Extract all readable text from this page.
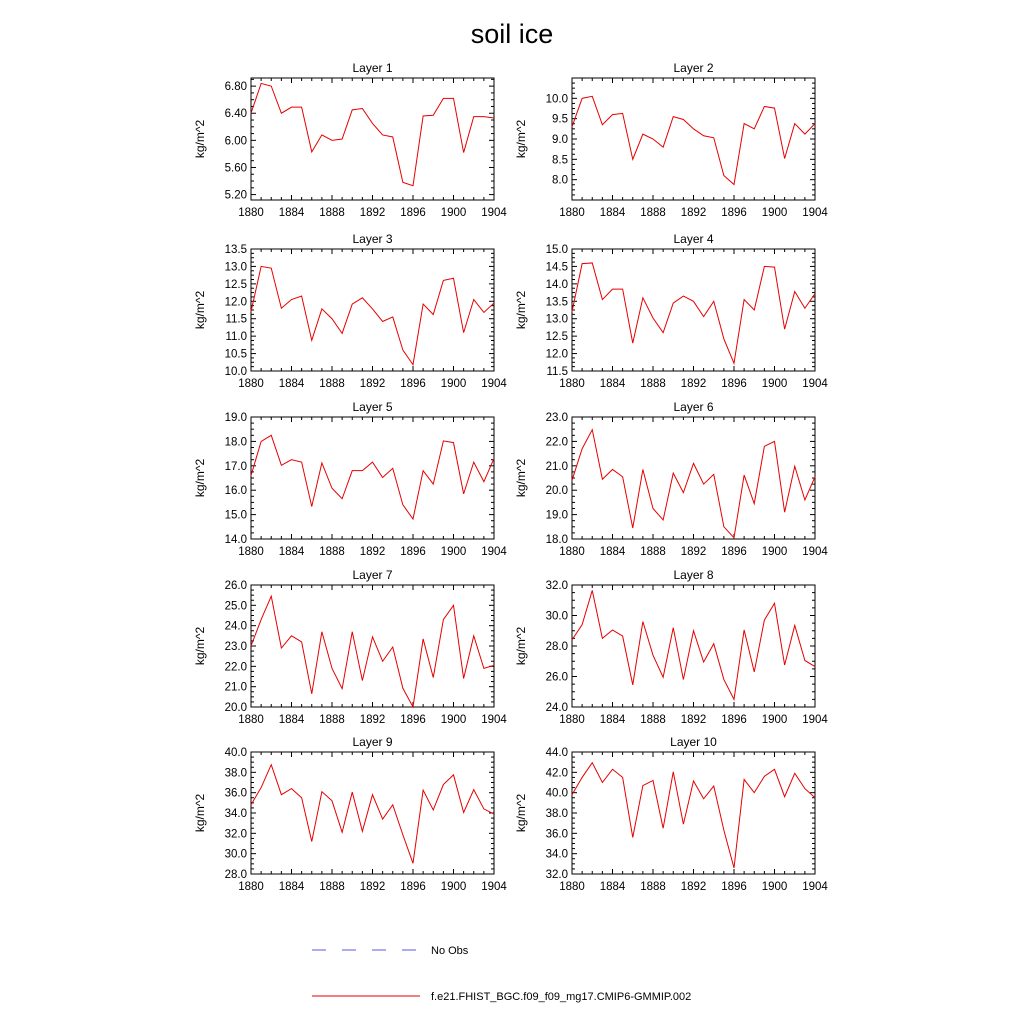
soil ice
Layer 1
kg/m^2
1880 1884 1888 1892 1896 1900 1904
5.20
5.60
6.00
6.40
6.80
Layer 2
kg/m^2
1880 1884 1888 1892 1896 1900 1904
8.0
8.5
9.0
9.5
10.0
Layer 3
kg/m^2
1880 1884 1888 1892 1896 1900 1904
10.0
10.5
11.0
11.5
12.0
12.5
13.0
13.5
Layer 4
kg/m^2
1880 1884 1888 1892 1896 1900 1904
11.5
12.0
12.5
13.0
13.5
14.0
14.5
15.0
Layer 5
kg/m^2
1880 1884 1888 1892 1896 1900 1904
14.0
15.0
16.0
17.0
18.0
19.0
Layer 6
kg/m^2
1880 1884 1888 1892 1896 1900 1904
18.0
19.0
20.0
21.0
22.0
23.0
Layer 7
kg/m^2
1880 1884 1888 1892 1896 1900 1904
20.0
21.0
22.0
23.0
24.0
25.0
26.0
Layer 8
kg/m^2
1880 1884 1888 1892 1896 1900 1904
24.0
26.0
28.0
30.0
32.0
Layer 9
kg/m^2
1880 1884 1888 1892 1896 1900 1904
28.0
30.0
32.0
34.0
36.0
38.0
40.0
Layer 10
kg/m^2
1880 1884 1888 1892 1896 1900 1904
32.0
34.0
36.0
38.0
40.0
42.0
44.0
No Obs
f.e21.FHIST_BGC.f09_f09_mg17.CMIP6-GMMIP.002
